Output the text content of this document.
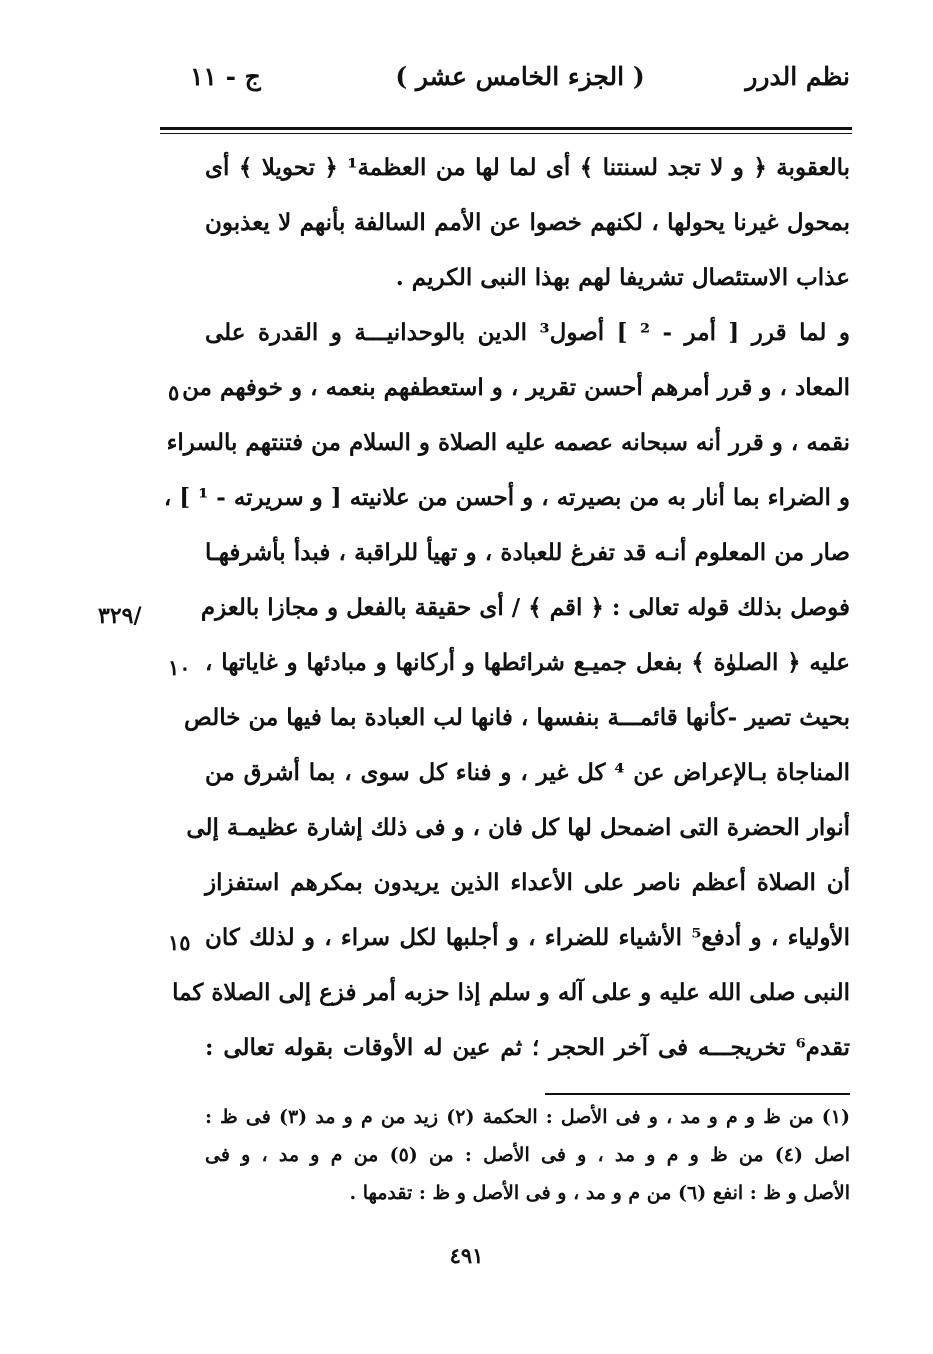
نظم الدرر
( الجزء الخامس عشر )
ج - ١١
بالعقوبة ﴿ و لا تجد لسنتنا ﴾ أى لما لها من العظمة¹ ﴿ تحويلا ﴾ أى
بمحول غيرنا يحولها ، لكنهم خصوا عن الأمم السالفة بأنهم لا يعذبون
عذاب الاستئصال تشريفا لهم بهذا النبى الكريم .
و لما قرر [ أمر - ² ] أصول³ الدين بالوحدانيـــة و القدرة على
المعاد ، و قرر أمرهم أحسن تقرير ، و استعطفهم بنعمه ، و خوفهم من
نقمه ، و قرر أنه سبحانه عصمه عليه الصلاة و السلام من فتنتهم بالسراء
و الضراء بما أنار به من بصيرته ، و أحسن من علانيته [ و سريرته - ¹ ] ،
صار من المعلوم أنـه قد تفرغ للعبادة ، و تهيأ للراقبة ، فبدأ بأشرفهـا
فوصل بذلك قوله تعالى : ﴿ اقم ﴾ / أى حقيقة بالفعل و مجازا بالعزم
عليه ﴿ الصلوٰة ﴾ بفعل جميـع شرائطها و أركانها و مبادئها و غاياتها ،
بحيث تصير -كأنها قائمـــة بنفسها ، فانها لب العبادة بما فيها من خالص
المناجاة بـالإعراض عن ⁴ كل غير ، و فناء كل سوى ، بما أشرق من
أنوار الحضرة التى اضمحل لها كل فان ، و فى ذلك إشارة عظيمـة إلى
أن الصلاة أعظم ناصر على الأعداء الذين يريدون بمكرهم استفزاز
الأولياء ، و أدفع⁵ الأشياء للضراء ، و أجلبها لكل سراء ، و لذلك كان
النبى صلى الله عليه و على آله و سلم إذا حزبه أمر فزع إلى الصلاة كما
تقدم⁶ تخريجـــه فى آخر الحجر ؛ ثم عين له الأوقات بقوله تعالى :
٥
١٠
١٥
/٣٢٩
(١) من ظ و م و مد ، و فى الأصل : الحكمة (٢) زيد من م و مد (٣) فى ظ :
اصل (٤) من ظ و م و مد ، و فى الأصل : من (٥) من م و مد ، و فى
الأصل و ظ : انفع (٦) من م و مد ، و فى الأصل و ظ : تقدمها .
٤٩١
